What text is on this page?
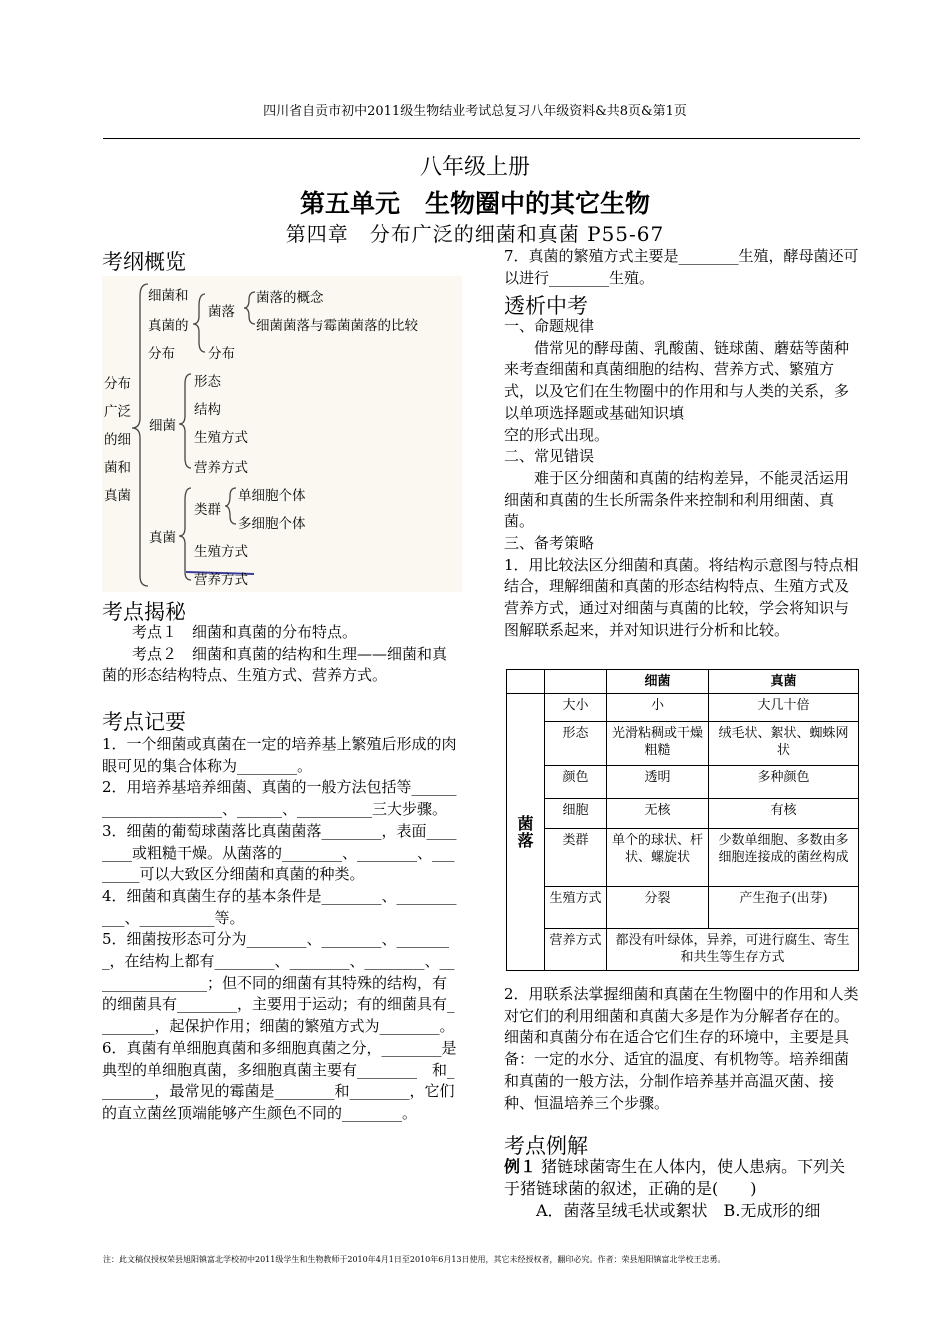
四川省自贡市初中2011级生物结业考试总复习八年级资料&共8页&第1页
八年级上册
第五单元　生物圈中的其它生物
第四章　分布广泛的细菌和真菌 P55-67
考纲概览
分布
广泛
的细
菌和
真菌
细菌和
真菌的
分布
菌落
菌落的概念
细菌菌落与霉菌菌落的比较
分布
细菌
形态
结构
生殖方式
营养方式
真菌
类群
单细胞个体
多细胞个体
生殖方式
营养方式
考点揭秘
考点１　细菌和真菌的分布特点。
考点２　细菌和真菌的结构和生理——细菌和真菌的形态结构特点、生殖方式、营养方式。
考点记要
1．一个细菌或真菌在一定的培养基上繁殖后形成的肉眼可见的集合体称为________。
2．用培养基培养细菌、真菌的一般方法包括等______________________、______、__________三大步骤。
3．细菌的葡萄球菌落比真菌菌落________，表面________或粗糙干燥。从菌落的________、________、________可以大致区分细菌和真菌的种类。
4．细菌和真菌生存的基本条件是________、___________、__________等。
5．细菌按形态可分为________、________、________，在结构上都有________、________、________、________________；但不同的细菌有其特殊的结构，有的细菌具有________，主要用于运动；有的细菌具有________，起保护作用；细菌的繁殖方式为________。
6．真菌有单细胞真菌和多细胞真菌之分，________是典型的单细胞真菌，多细胞真菌主要有________　和________，最常见的霉菌是________和________，它们的直立菌丝顶端能够产生颜色不同的________。
7．真菌的繁殖方式主要是________生殖，酵母菌还可以进行________生殖。
透析中考
一、命题规律
借常见的酵母菌、乳酸菌、链球菌、蘑菇等菌种来考查细菌和真菌细胞的结构、营养方式、繁殖方式，以及它们在生物圈中的作用和与人类的关系，多以单项选择题或基础知识填
空的形式出现。
二、常见错误
难于区分细菌和真菌的结构差异，不能灵活运用细菌和真菌的生长所需条件来控制和利用细菌、真菌。
三、备考策略
1．用比较法区分细菌和真菌。将结构示意图与特点相结合，理解细菌和真菌的形态结构特点、生殖方式及营养方式，通过对细菌与真菌的比较，学会将知识与图解联系起来，并对知识进行分析和比较。
		细菌	真菌
菌落	大小	小	大几十倍
	形态	光滑粘稠或干燥粗糙	绒毛状、絮状、蜘蛛网状
	颜色	透明	多种颜色
	细胞	无核	有核
	类群	单个的球状、杆状、螺旋状	少数单细胞、多数由多细胞连接成的菌丝构成
	生殖方式	分裂	产生孢子(出芽)
	营养方式	都没有叶绿体，异养，可进行腐生、寄生和共生等生存方式	
2．用联系法掌握细菌和真菌在生物圈中的作用和人类对它们的利用细菌和真菌大多是作为分解者存在的。细菌和真菌分布在适合它们生存的环境中，主要是具备：一定的水分、适宜的温度、有机物等。培养细菌和真菌的一般方法，分制作培养基并高温灭菌、接种、恒温培养三个步骤。
考点例解
例１ 猪链球菌寄生在人体内，使人患病。下列关于猪链球菌的叙述，正确的是(　　)
A．菌落呈绒毛状或絮状　B.无成形的细
注：此文稿仅授权荣县旭阳镇富北学校初中2011级学生和生物教师于2010年4月1日至2010年6月13日使用，其它未经授权者，翻印必究。作者：荣县旭阳镇富北学校王忠勇。
